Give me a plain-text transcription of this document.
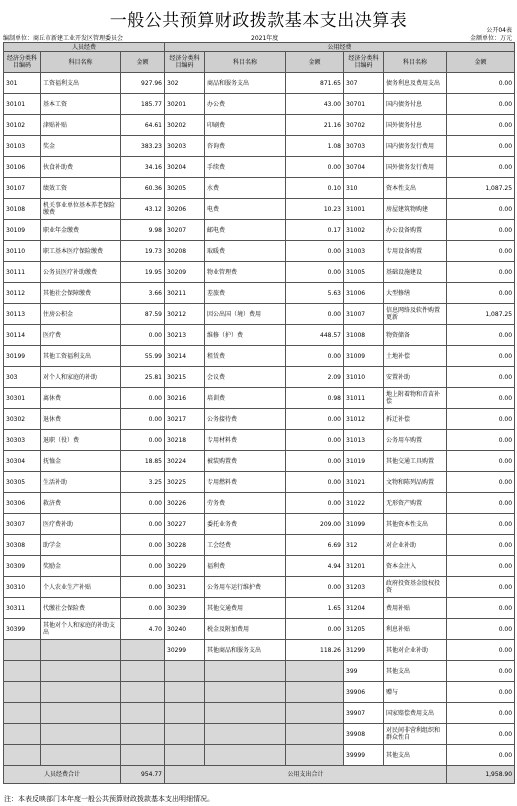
一般公共预算财政拨款基本支出决算表	公开04表
编制单位：商丘市新建工业开发区管理委员会	2021年度	金额单位：万元
人员经费			公用经费					
经济分类科目编码	科目名称	金额	经济分类科目编码	科目名称	金额	经济分类科目编码	科目名称	金额
301	工资福利支出	927.96	302	商品和服务支出	871.65	307	债务利息及费用支出	0.00
30101	基本工资	185.77	30201	办公费	43.00	30701	国内债务付息	0.00
30102	津贴补贴	64.61	30202	印刷费	21.16	30702	国外债务付息	0.00
30103	奖金	383.23	30203	咨询费	1.08	30703	国内债务发行费用	0.00
30106	伙食补助费	34.16	30204	手续费	0.00	30704	国外债务发行费用	0.00
30107	绩效工资	60.36	30205	水费	0.10	310	资本性支出	1,087.25
30108	机关事业单位基本养老保险缴费	43.12	30206	电费	10.23	31001	房屋建筑物购建	0.00
30109	职业年金缴费	9.98	30207	邮电费	0.17	31002	办公设备购置	0.00
30110	职工基本医疗保险缴费	19.73	30208	取暖费	0.00	31003	专用设备购置	0.00
30111	公务员医疗补助缴费	19.95	30209	物业管理费	0.00	31005	基础设施建设	0.00
30112	其他社会保障缴费	3.66	30211	差旅费	5.63	31006	大型修缮	0.00
30113	住房公积金	87.59	30212	因公出国（境）费用	0.00	31007	信息网络及软件购置更新	1,087.25
30114	医疗费	0.00	30213	维修（护）费	448.57	31008	物资储备	0.00
30199	其他工资福利支出	55.99	30214	租赁费	0.00	31009	土地补偿	0.00
303	对个人和家庭的补助	25.81	30215	会议费	2.09	31010	安置补助	0.00
30301	离休费	0.00	30216	培训费	0.98	31011	地上附着物和青苗补偿	0.00
30302	退休费	0.00	30217	公务接待费	0.00	31012	拆迁补偿	0.00
30303	退职（役）费	0.00	30218	专用材料费	0.00	31013	公务用车购置	0.00
30304	抚恤金	18.85	30224	被装购置费	0.00	31019	其他交通工具购置	0.00
30305	生活补助	3.25	30225	专用燃料费	0.00	31021	文物和陈列品购置	0.00
30306	救济费	0.00	30226	劳务费	0.00	31022	无形资产购置	0.00
30307	医疗费补助	0.00	30227	委托业务费	209.00	31099	其他资本性支出	0.00
30308	助学金	0.00	30228	工会经费	6.69	312	对企业补助	0.00
30309	奖励金	0.00	30229	福利费	4.94	31201	资本金注入	0.00
30310	个人农业生产补贴	0.00	30231	公务用车运行维护费	0.00	31203	政府投资基金股权投资	0.00
30311	代缴社会保险费	0.00	30239	其他交通费用	1.65	31204	费用补贴	0.00
30399	其他对个人和家庭的补助支出	4.70	30240	税金及附加费用	0.00	31205	利息补贴	0.00
			30299	其他商品和服务支出	118.26	31299	其他对企业补助	0.00
						399	其他支出	0.00
						39906	赠与	0.00
						39907	国家赔偿费用支出	0.00
						39908	对民间非营利组织和群众性自	0.00
						39999	其他支出	0.00
人员经费合计		954.77	公用支出合计					1,958.90
注：本表反映部门本年度一般公共预算财政拨款基本支出明细情况。
